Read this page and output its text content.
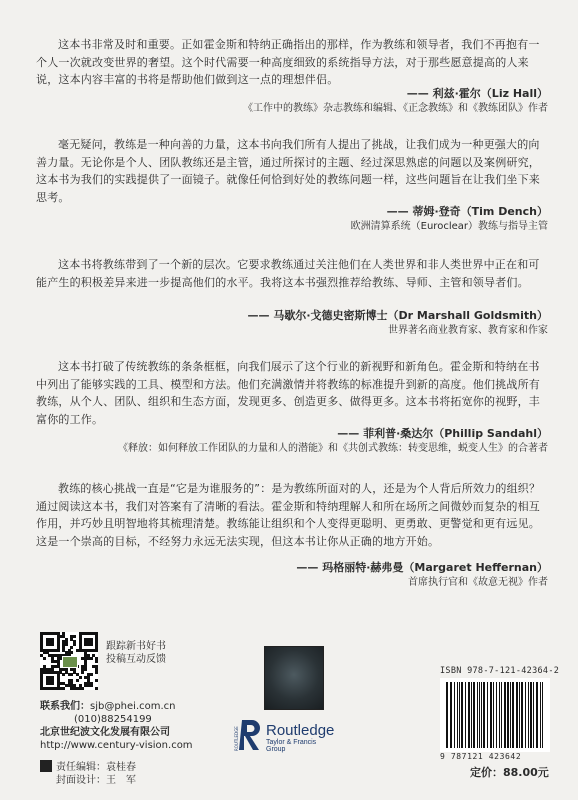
这本书非常及时和重要。正如霍金斯和特纳正确指出的那样，作为教练和领导者，我们不再抱有一个人一次就改变世界的奢望。这个时代需要一种高度细致的系统指导方法，对于那些愿意提高的人来说，这本内容丰富的书将是帮助他们做到这一点的理想伴侣。

—— 利兹·霍尔（Liz Hall）
《工作中的教练》杂志教练和编辑、《正念教练》和《教练团队》作者

毫无疑问，教练是一种向善的力量，这本书向我们所有人提出了挑战，让我们成为一种更强大的向善力量。无论你是个人、团队教练还是主管，通过所探讨的主题、经过深思熟虑的问题以及案例研究，这本书为我们的实践提供了一面镜子。就像任何恰到好处的教练问题一样，这些问题旨在让我们坐下来思考。

—— 蒂姆·登奇（Tim Dench）
欧洲清算系统（Euroclear）教练与指导主管

这本书将教练带到了一个新的层次。它要求教练通过关注他们在人类世界和非人类世界中正在和可能产生的积极差异来进一步提高他们的水平。我将这本书强烈推荐给教练、导师、主管和领导者们。

—— 马歇尔·戈德史密斯博士（Dr Marshall Goldsmith）
世界著名商业教育家、教育家和作家

这本书打破了传统教练的条条框框，向我们展示了这个行业的新视野和新角色。霍金斯和特纳在书中列出了能够实践的工具、模型和方法。他们充满激情并将教练的标准提升到新的高度。他们挑战所有教练，从个人、团队、组织和生态方面，发现更多、创造更多、做得更多。这本书将拓宽你的视野，丰富你的工作。

—— 菲利普·桑达尔（Phillip Sandahl）
《释放：如何释放工作团队的力量和人的潜能》和《共创式教练：转变思维，蜕变人生》的合著者

教练的核心挑战一直是“它是为谁服务的”：是为教练所面对的人，还是为个人背后所效力的组织？通过阅读这本书，我们对答案有了清晰的看法。霍金斯和特纳理解人和所在场所之间微妙而复杂的相互作用，并巧妙且明智地将其梳理清楚。教练能让组织和个人变得更聪明、更勇敢、更警觉和更有远见。这是一个崇高的目标，不经努力永远无法实现，但这本书让你从正确的地方开始。

—— 玛格丽特·赫弗曼（Margaret Heffernan）
首席执行官和《故意无视》作者
跟踪新书好书
投稿互动反馈
联系我们：sjb@phei.com.cn
(010)88254199
北京世纪波文化发展有限公司
http://www.century-vision.com
责任编辑：袁桂春
封面设计：王　军
ROUTLEDGE Routledge
Taylor & Francis Group
ISBN 978-7-121-42364-2
9 787121 423642
定价：88.00元
